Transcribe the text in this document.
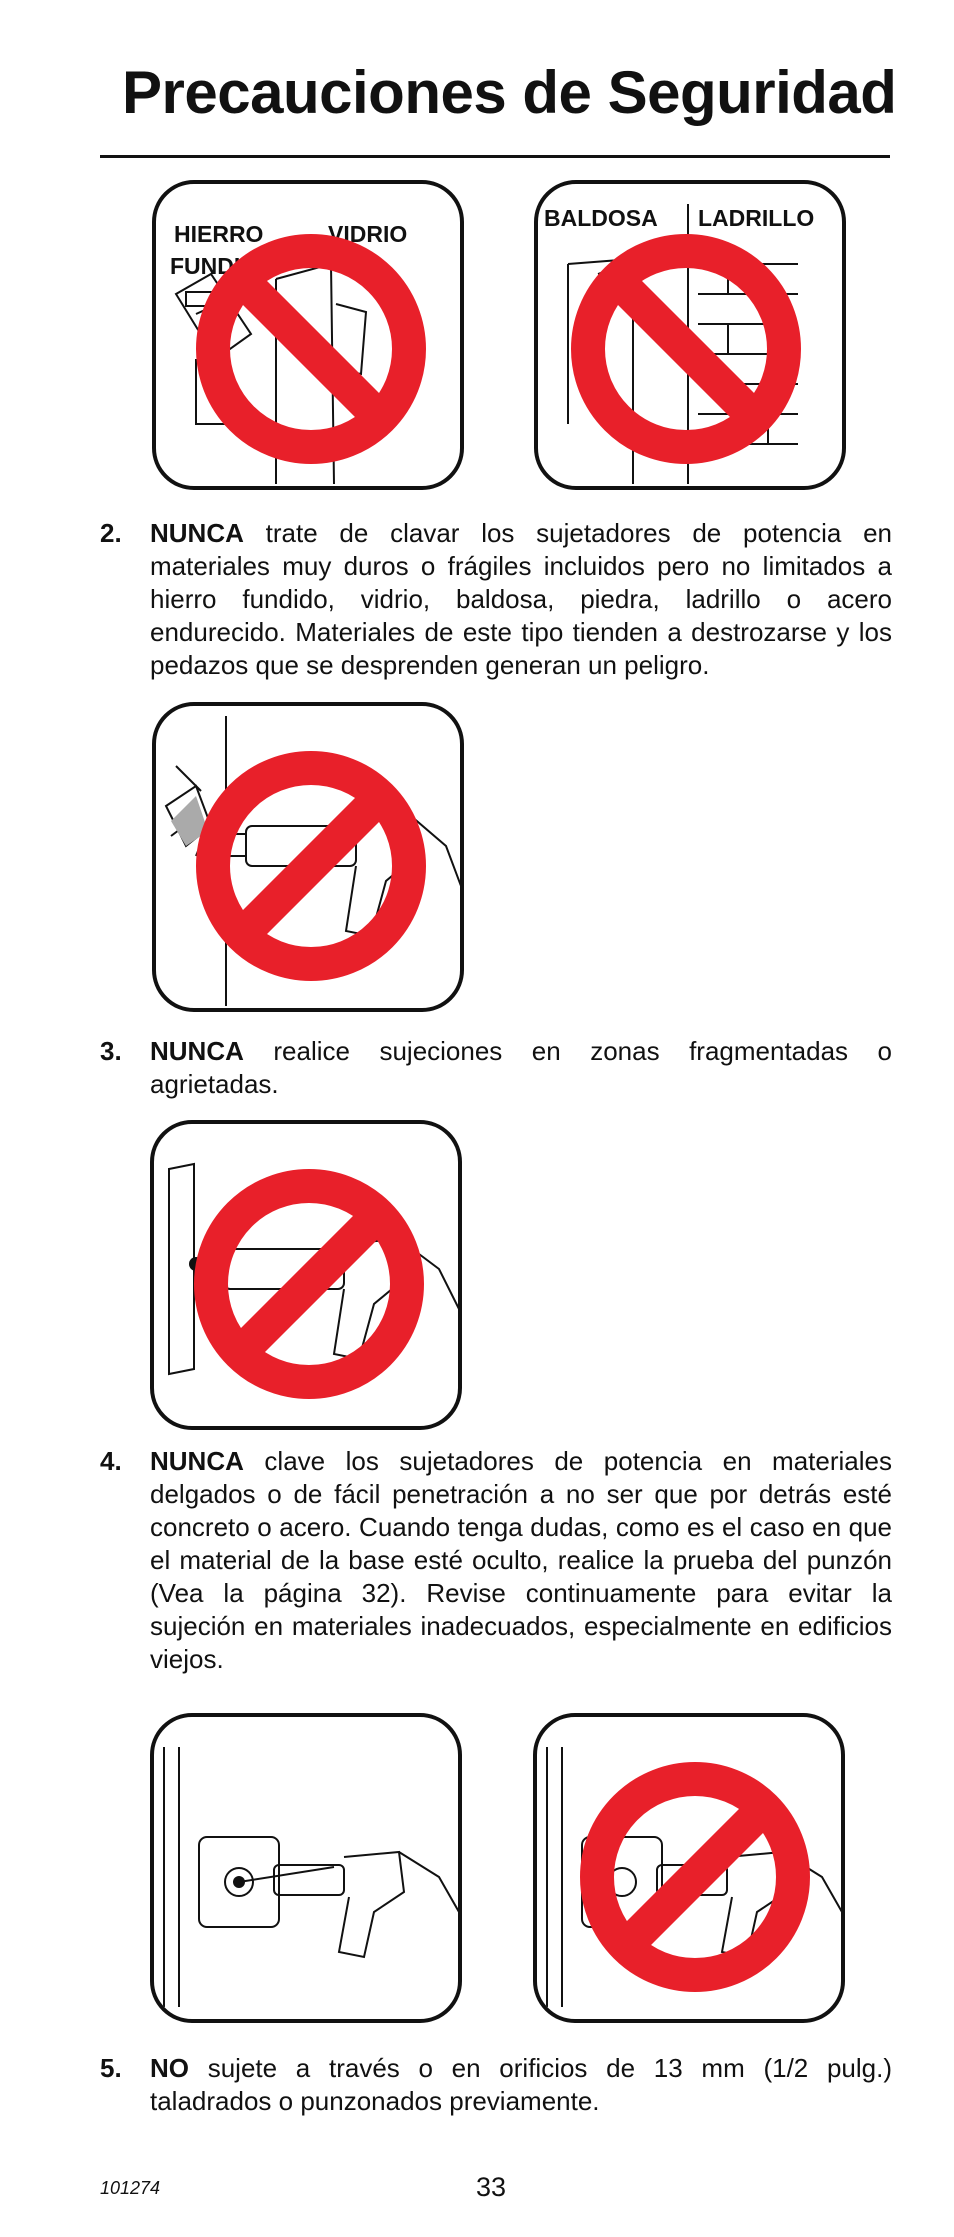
Precauciones de Seguridad
HIERRO	VIDRIO
FUNDIDO
BALDOSA LADRILLO
2. NUNCA trate de clavar los sujetadores de potencia en materiales muy duros o frágiles incluidos pero no limitados a hierro fundido, vidrio, baldosa, piedra, ladrillo o acero endurecido. Materiales de este tipo tienden a destrozarse y los pedazos que se desprenden generan un peligro.
3. NUNCA realice sujeciones en zonas fragmentadas o agrietadas.
4. NUNCA clave los sujetadores de potencia en materiales delgados o de fácil penetración a no ser que por detrás esté concreto o acero. Cuando tenga dudas, como es el caso en que el material de la base esté oculto, realice la prueba del punzón (Vea la página 32). Revise continuamente para evitar la sujeción en materiales inadecuados, especialmente en edificios viejos.
5. NO sujete a través o en orificios de 13 mm (1/2 pulg.) taladrados o punzonados previamente.
101274	33
